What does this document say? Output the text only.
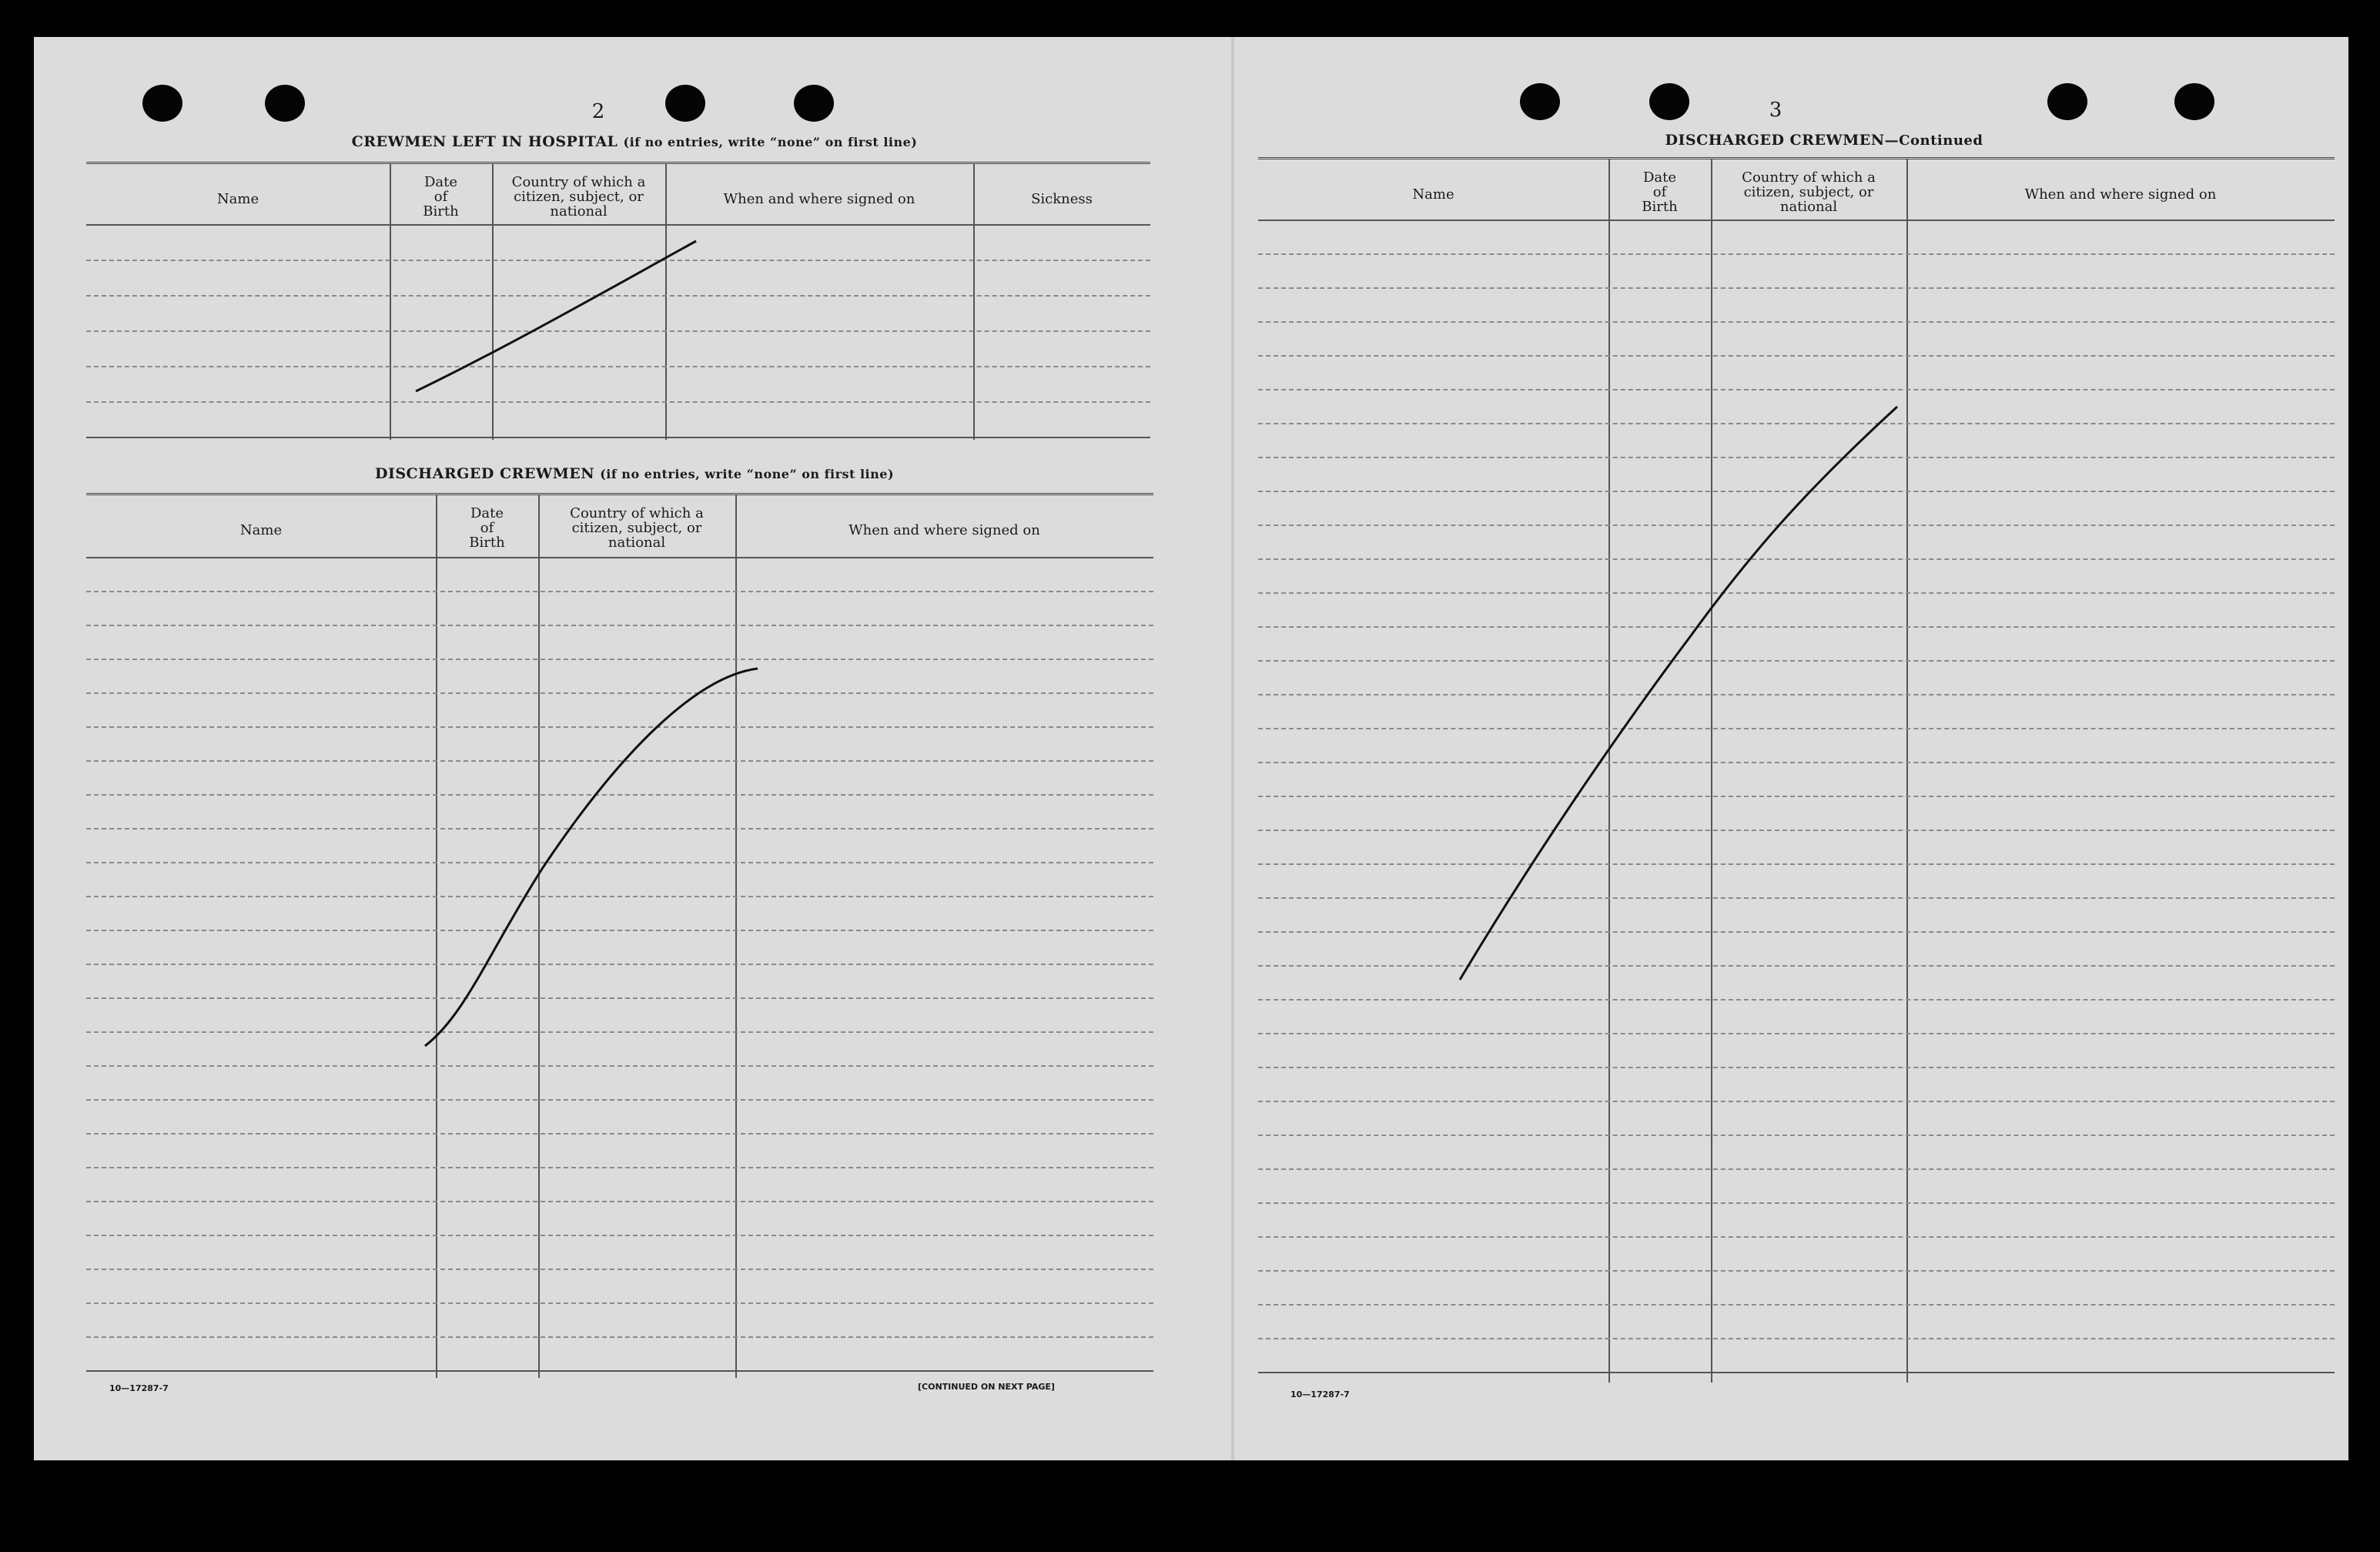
2
CREWMEN LEFT IN HOSPITAL (if no entries, write “none” on first line)
Name
Date
of
Birth
Country of which a
citizen, subject, or
national
When and where signed on	Sickness
DISCHARGED CREWMEN (if no entries, write “none” on first line)
Name
Date
of
Birth
Country of which a
citizen, subject, or
national
When and where signed on
10—17287-7	[CONTINUED ON NEXT PAGE]
3
DISCHARGED CREWMEN—Continued
Name
Date
of
Birth
Country of which a
citizen, subject, or
national
When and where signed on
10—17287-7
